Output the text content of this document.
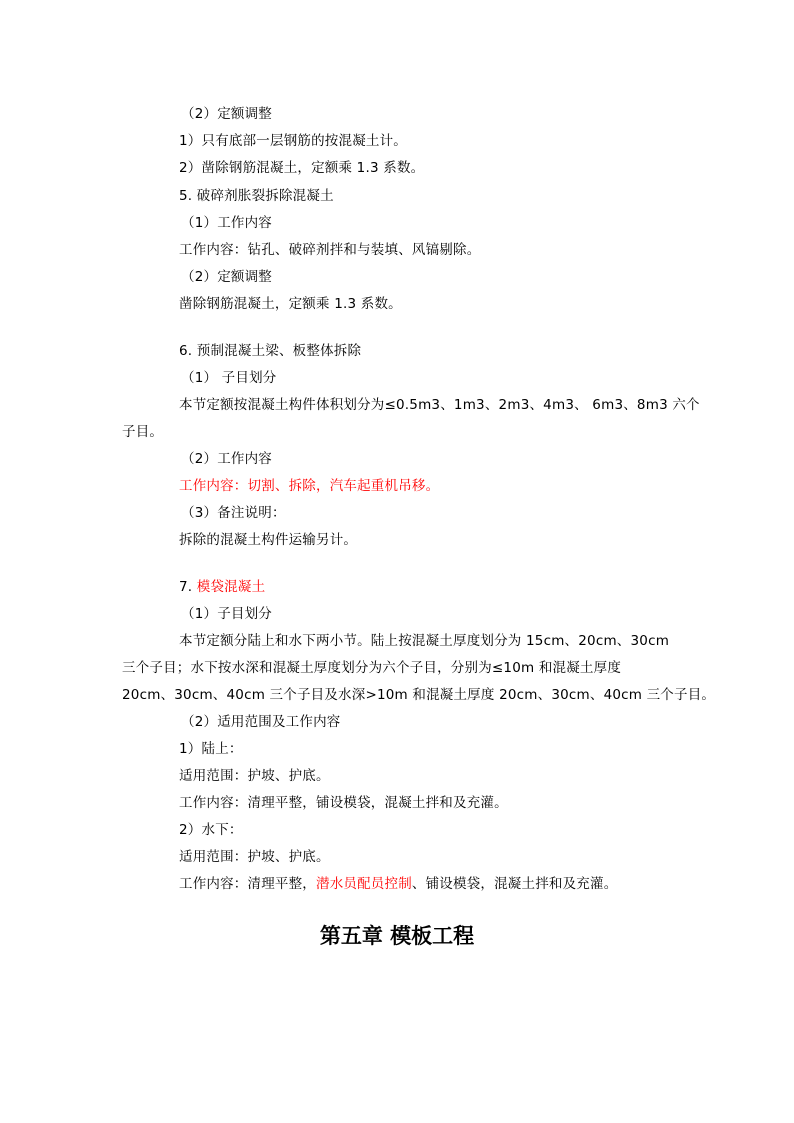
（2）定额调整
1）只有底部一层钢筋的按混凝土计。
2）凿除钢筋混凝土，定额乘 1.3 系数。
5. 破碎剂胀裂拆除混凝土
（1）工作内容
工作内容：钻孔、破碎剂拌和与装填、风镐剔除。
（2）定额调整
凿除钢筋混凝土，定额乘 1.3 系数。
6. 预制混凝土梁、板整体拆除
（1） 子目划分
本节定额按混凝土构件体积划分为≤0.5m3、1m3、2m3、4m3、 6m3、8m3 六个
子目。
（2）工作内容
工作内容：切割、拆除，汽车起重机吊移。
（3）备注说明：
拆除的混凝土构件运输另计。
7. 模袋混凝土
（1）子目划分
本节定额分陆上和水下两小节。陆上按混凝土厚度划分为 15cm、20cm、30cm
三个子目；水下按水深和混凝土厚度划分为六个子目，分别为≤10m 和混凝土厚度
20cm、30cm、40cm 三个子目及水深>10m 和混凝土厚度 20cm、30cm、40cm 三个子目。
（2）适用范围及工作内容
1）陆上：
适用范围：护坡、护底。
工作内容：清理平整，铺设模袋，混凝土拌和及充灌。
2）水下：
适用范围：护坡、护底。
工作内容：清理平整，潜水员配员控制、铺设模袋，混凝土拌和及充灌。
第五章 模板工程
